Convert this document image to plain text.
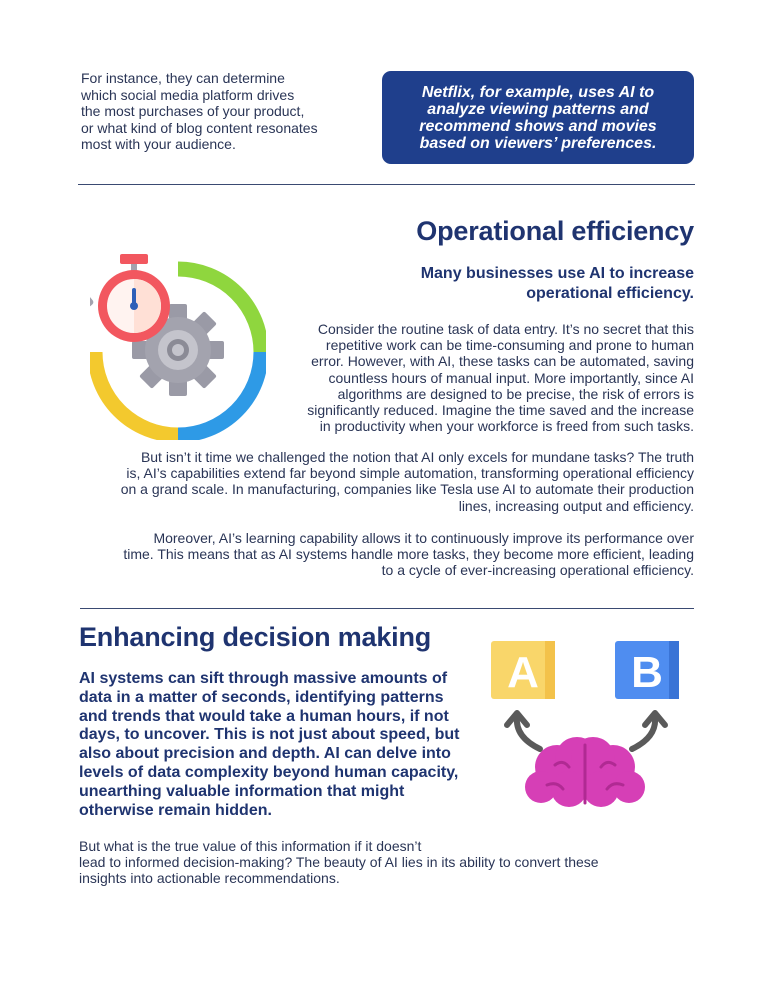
For instance, they can determine
which social media platform drives
the most purchases of your product,
or what kind of blog content resonates
most with your audience.
Netflix, for example, uses AI to
analyze viewing patterns and
recommend shows and movies
based on viewers’ preferences.
Operational efficiency
Many businesses use AI to increase
operational efficiency.
Consider the routine task of data entry. It’s no secret that this
repetitive work can be time-consuming and prone to human
error. However, with AI, these tasks can be automated, saving
countless hours of manual input. More importantly, since AI
algorithms are designed to be precise, the risk of errors is
significantly reduced. Imagine the time saved and the increase
in productivity when your workforce is freed from such tasks.
But isn’t it time we challenged the notion that AI only excels for mundane tasks? The truth
is, AI’s capabilities extend far beyond simple automation, transforming operational efficiency
on a grand scale. In manufacturing, companies like Tesla use AI to automate their production
lines, increasing output and efficiency.
Moreover, AI’s learning capability allows it to continuously improve its performance over
time. This means that as AI systems handle more tasks, they become more efficient, leading
to a cycle of ever-increasing operational efficiency.
Enhancing decision making
AI systems can sift through massive amounts of
data in a matter of seconds, identifying patterns
and trends that would take a human hours, if not
days, to uncover. This is not just about speed, but
also about precision and depth. AI can delve into
levels of data complexity beyond human capacity,
unearthing valuable information that might
otherwise remain hidden.
A B
But what is the true value of this information if it doesn’t
lead to informed decision-making? The beauty of AI lies in its ability to convert these
insights into actionable recommendations.
